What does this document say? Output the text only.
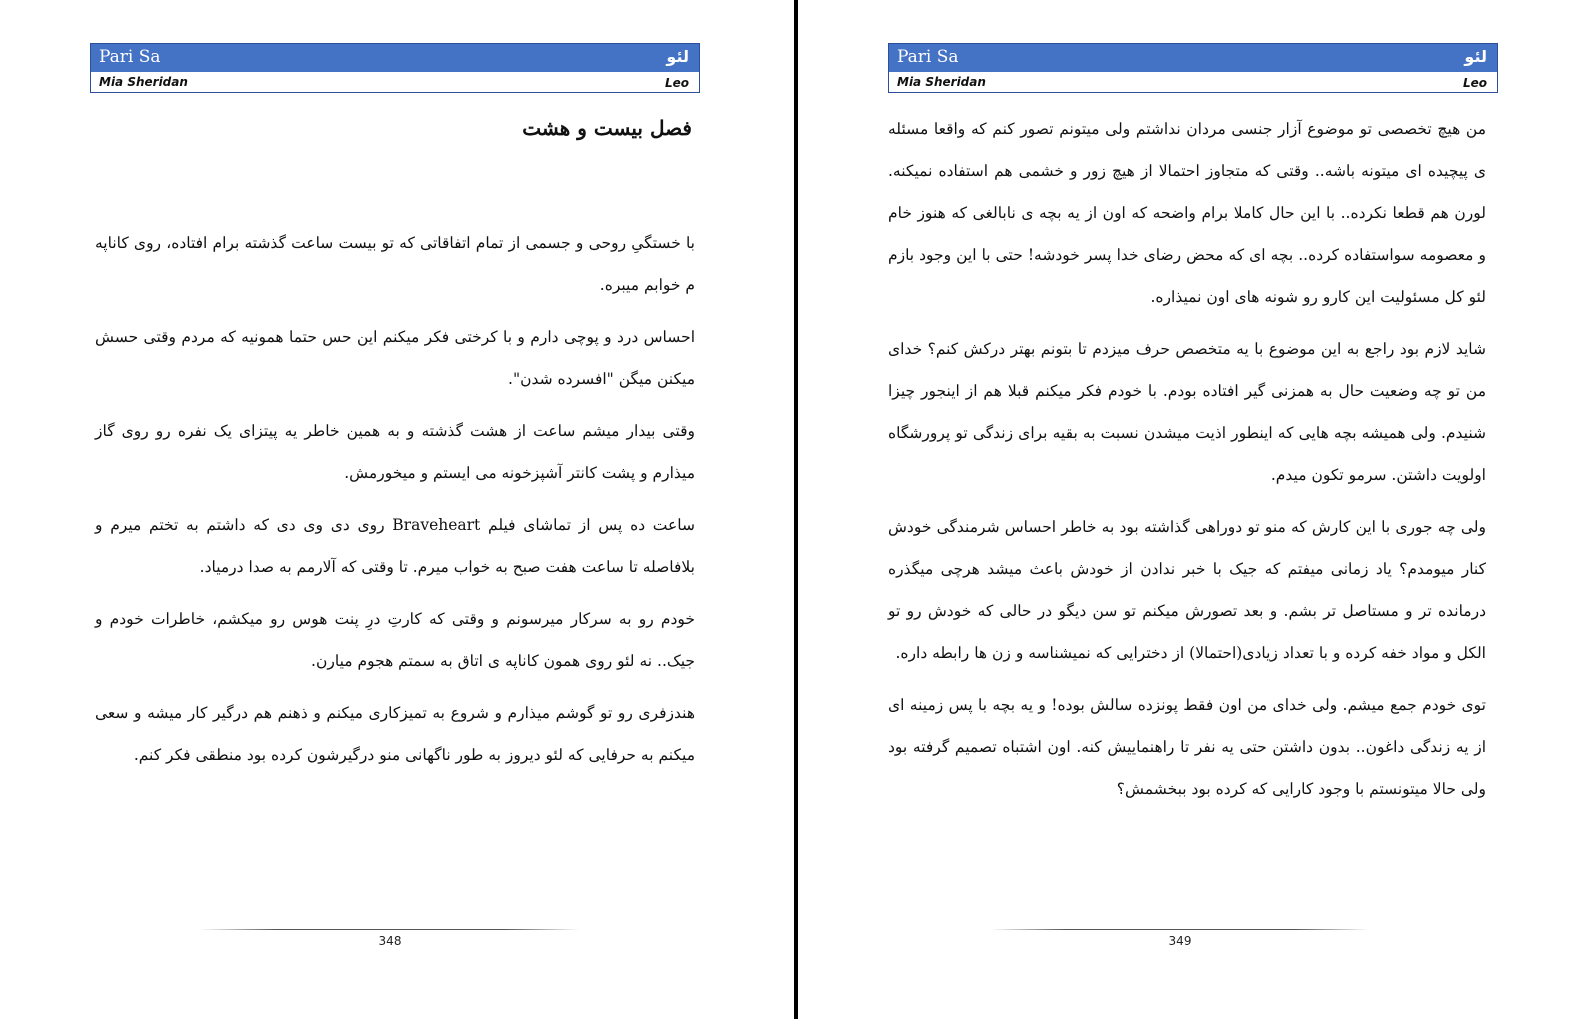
Pari Sa	لئو
Mia Sheridan	Leo
فصل بیست و هشت

با خستگیِ روحی و جسمی از تمام اتفاقاتی که تو بیست ساعت گذشته برام افتاده، روی کاناپه م خوابم میبره.

احساس درد و پوچی دارم و با کرختی فکر میکنم این حس حتما همونیه که مردم وقتی حسش میکنن میگن "افسرده شدن".

وقتی بیدار میشم ساعت از هشت گذشته و به همین خاطر یه پیتزای یک نفره رو روی گاز میذارم و پشت کانتر آشپزخونه می ایستم و میخورمش.

ساعت ده پس از تماشای فیلم Braveheart روی دی وی دی که داشتم به تختم میرم و بلافاصله تا ساعت هفت صبح به خواب میرم. تا وقتی که آلارمم به صدا درمیاد.

خودم رو به سرکار میرسونم و وقتی که کارتِ درِ پنت هوس رو میکشم، خاطرات خودم و جیک.. نه لئو روی همون کاناپه ی اتاق به سمتم هجوم میارن.

هندزفری رو تو گوشم میذارم و شروع به تمیزکاری میکنم و ذهنم هم درگیر کار میشه و سعی میکنم به حرفایی که لئو دیروز به طور ناگهانی منو درگیرشون کرده بود منطقی فکر کنم.

348
Pari Sa	لئو
Mia Sheridan	Leo

من هیچ تخصصی تو موضوع آزار جنسی مردان نداشتم ولی میتونم تصور کنم که واقعا مسئله ی پیچیده ای میتونه باشه.. وقتی که متجاوز احتمالا از هیچ زور و خشمی هم استفاده نمیکنه. لورن هم قطعا نکرده.. با این حال کاملا برام واضحه که اون از یه بچه ی نابالغی که هنوز خام و معصومه سواستفاده کرده.. بچه ای که محض رضای خدا پسر خودشه! حتی با این وجود بازم لئو کل مسئولیت این کارو رو شونه های اون نمیذاره.

شاید لازم بود راجع به این موضوع با یه متخصص حرف میزدم تا بتونم بهتر درکش کنم؟ خدای من تو چه وضعیت حال به همزنی گیر افتاده بودم. با خودم فکر میکنم قبلا هم از اینجور چیزا شنیدم. ولی همیشه بچه هایی که اینطور اذیت میشدن نسبت به بقیه برای زندگی تو پرورشگاه اولویت داشتن. سرمو تکون میدم.

ولی چه جوری با این کارش که منو تو دوراهی گذاشته بود به خاطر احساس شرمندگی خودش کنار میومدم؟ یاد زمانی میفتم که جیک با خبر ندادن از خودش باعث میشد هرچی میگذره درمانده تر و مستاصل تر بشم. و بعد تصورش میکنم تو سن دیگو در حالی که خودش رو تو الکل و مواد خفه کرده و با تعداد زیادی(احتمالا) از دخترایی که نمیشناسه و زن ها رابطه داره.

توی خودم جمع میشم. ولی خدای من اون فقط پونزده سالش بوده! و یه بچه با پس زمینه ای از یه زندگی داغون.. بدون داشتن حتی یه نفر تا راهنماییش کنه. اون اشتباه تصمیم گرفته بود ولی حالا میتونستم با وجود کارایی که کرده بود ببخشمش؟

349
